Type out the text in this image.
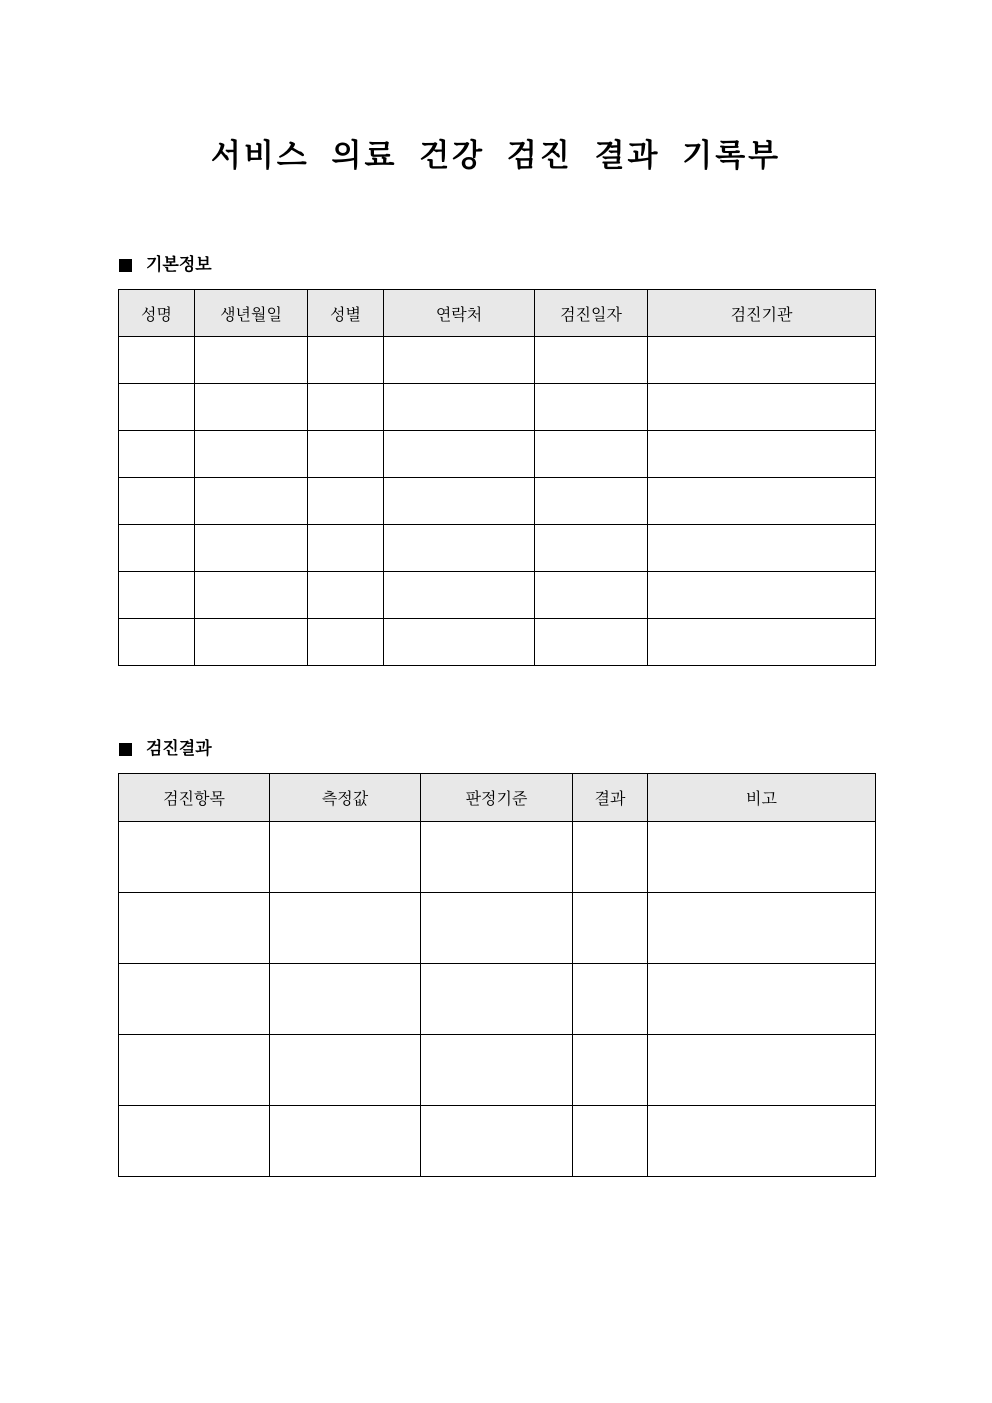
서비스 의료 건강 검진 결과 기록부
기본정보
성명	생년월일	성별	연락처	검진일자	검진기관

검진결과
검진항목	측정값	판정기준	결과	비고
